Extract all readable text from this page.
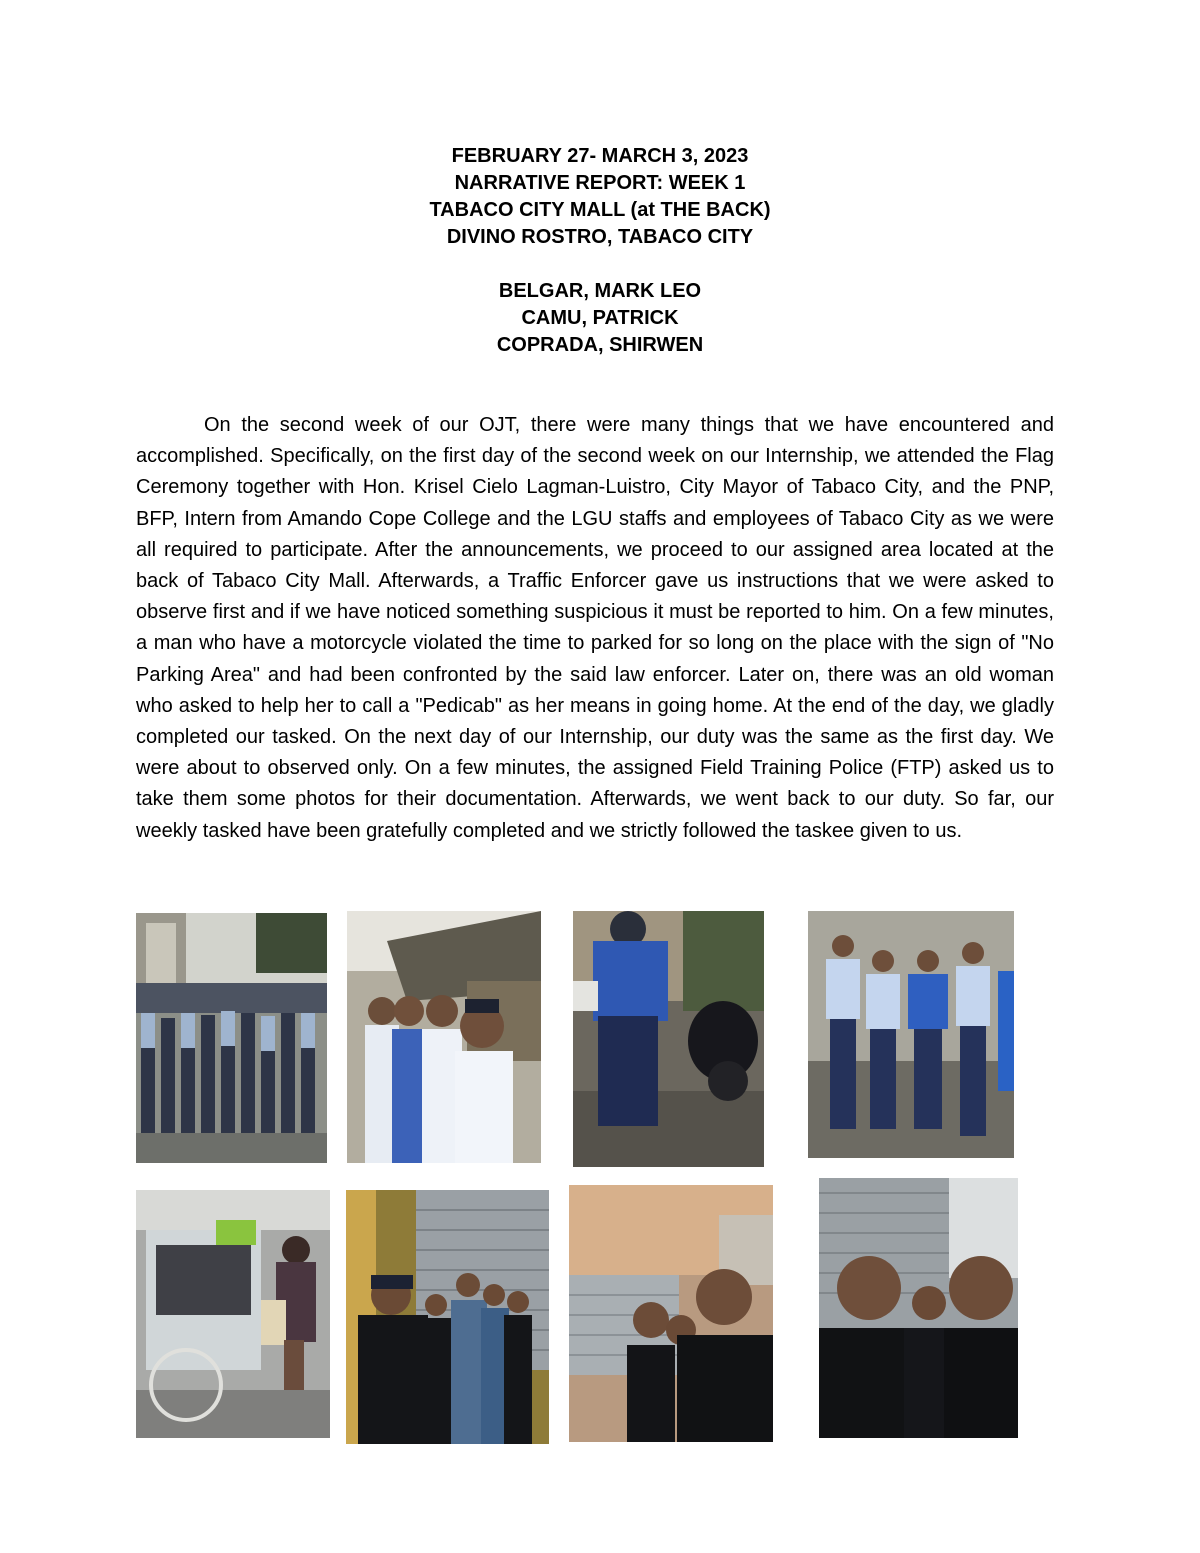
FEBRUARY 27- MARCH 3, 2023

NARRATIVE REPORT: WEEK 1

TABACO CITY MALL (at THE BACK)

DIVINO ROSTRO, TABACO CITY

BELGAR, MARK LEO

CAMU, PATRICK

COPRADA, SHIRWEN

On the second week of our OJT, there were many things that we have encountered and accomplished. Specifically, on the first day of the second week on our Internship, we attended the Flag Ceremony together with Hon. Krisel Cielo Lagman-Luistro, City Mayor of Tabaco City, and the PNP, BFP, Intern from Amando Cope College and the LGU staffs and employees of Tabaco City as we were all required to participate. After the announcements, we proceed to our assigned area located at the back of Tabaco City Mall. Afterwards, a Traffic Enforcer gave us instructions that we were asked to observe first and if we have noticed something suspicious it must be reported to him. On a few minutes, a man who have a motorcycle violated the time to parked for so long on the place with the sign of "No Parking Area" and had been confronted by the said law enforcer. Later on, there was an old woman who asked to help her to call a "Pedicab" as her means in going home. At the end of the day, we gladly completed our tasked. On the next day of our Internship, our duty was the same as the first day. We were about to observed only. On a few minutes, the assigned Field Training Police (FTP) asked us to take them some photos for their documentation. Afterwards, we went back to our duty. So far, our weekly tasked have been gratefully completed and we strictly followed the taskee given to us.
